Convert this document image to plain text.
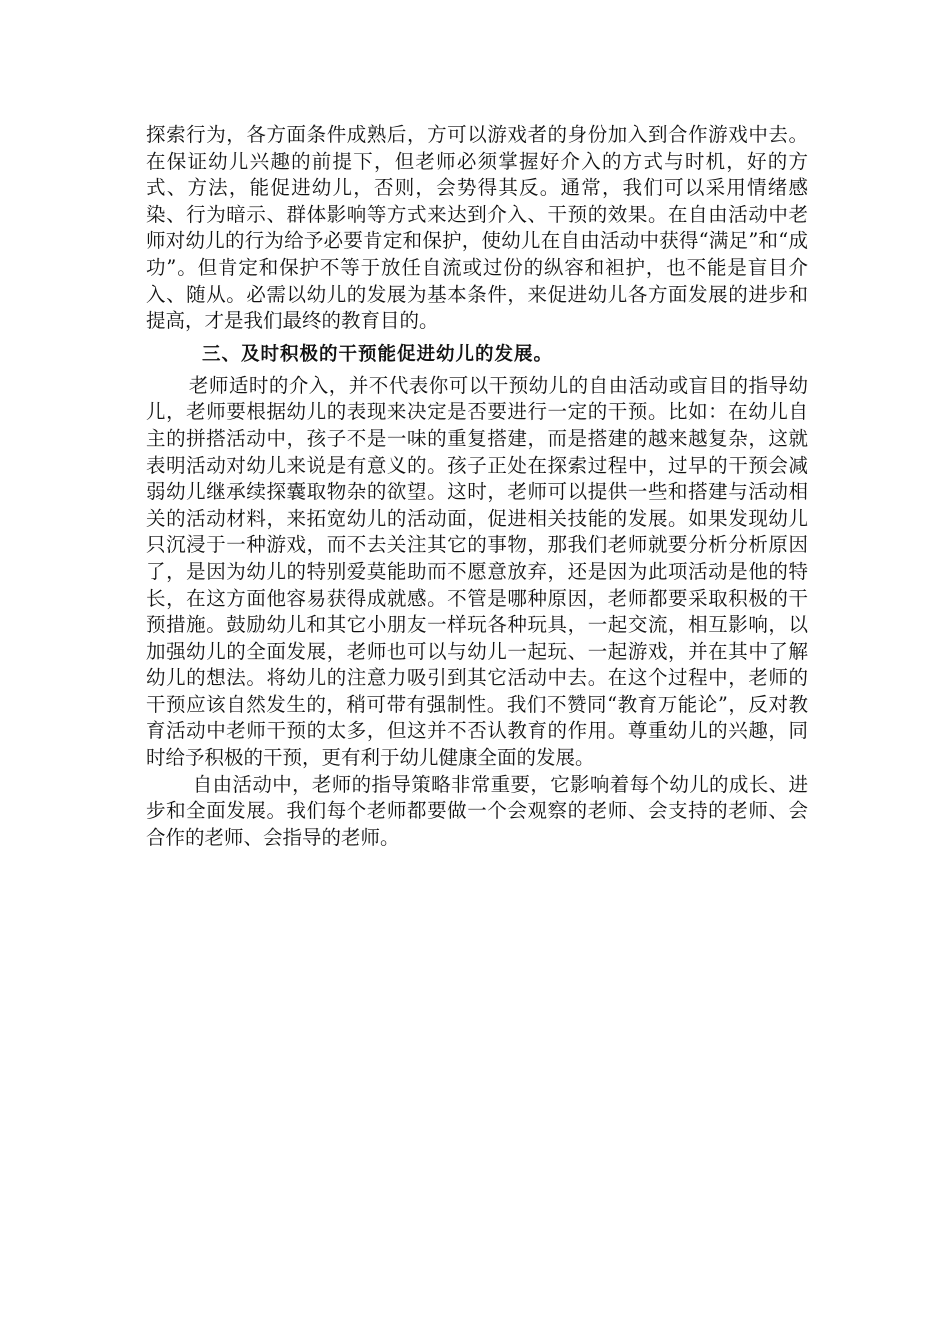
探索行为，各方面条件成熟后，方可以游戏者的身份加入到合作游戏中去。在保证幼儿兴趣的前提下，但老师必须掌握好介入的方式与时机，好的方式、方法，能促进幼儿，否则，会势得其反。通常，我们可以采用情绪感染、行为暗示、群体影响等方式来达到介入、干预的效果。在自由活动中老师对幼儿的行为给予必要肯定和保护，使幼儿在自由活动中获得“满足”和“成功”。但肯定和保护不等于放任自流或过份的纵容和袒护，也不能是盲目介入、随从。必需以幼儿的发展为基本条件，来促进幼儿各方面发展的进步和提高，才是我们最终的教育目的。

三、及时积极的干预能促进幼儿的发展。

老师适时的介入，并不代表你可以干预幼儿的自由活动或盲目的指导幼儿，老师要根据幼儿的表现来决定是否要进行一定的干预。比如：在幼儿自主的拼搭活动中，孩子不是一味的重复搭建，而是搭建的越来越复杂，这就表明活动对幼儿来说是有意义的。孩子正处在探索过程中，过早的干预会减弱幼儿继承续探囊取物杂的欲望。这时，老师可以提供一些和搭建与活动相关的活动材料，来拓宽幼儿的活动面，促进相关技能的发展。如果发现幼儿只沉浸于一种游戏，而不去关注其它的事物，那我们老师就要分析分析原因了，是因为幼儿的特别爱莫能助而不愿意放弃，还是因为此项活动是他的特长，在这方面他容易获得成就感。不管是哪种原因，老师都要采取积极的干预措施。鼓励幼儿和其它小朋友一样玩各种玩具，一起交流，相互影响，以加强幼儿的全面发展，老师也可以与幼儿一起玩、一起游戏，并在其中了解幼儿的想法。将幼儿的注意力吸引到其它活动中去。在这个过程中，老师的干预应该自然发生的，稍可带有强制性。我们不赞同“教育万能论”，反对教育活动中老师干预的太多，但这并不否认教育的作用。尊重幼儿的兴趣，同时给予积极的干预，更有利于幼儿健康全面的发展。

自由活动中，老师的指导策略非常重要，它影响着每个幼儿的成长、进步和全面发展。我们每个老师都要做一个会观察的老师、会支持的老师、会合作的老师、会指导的老师。
